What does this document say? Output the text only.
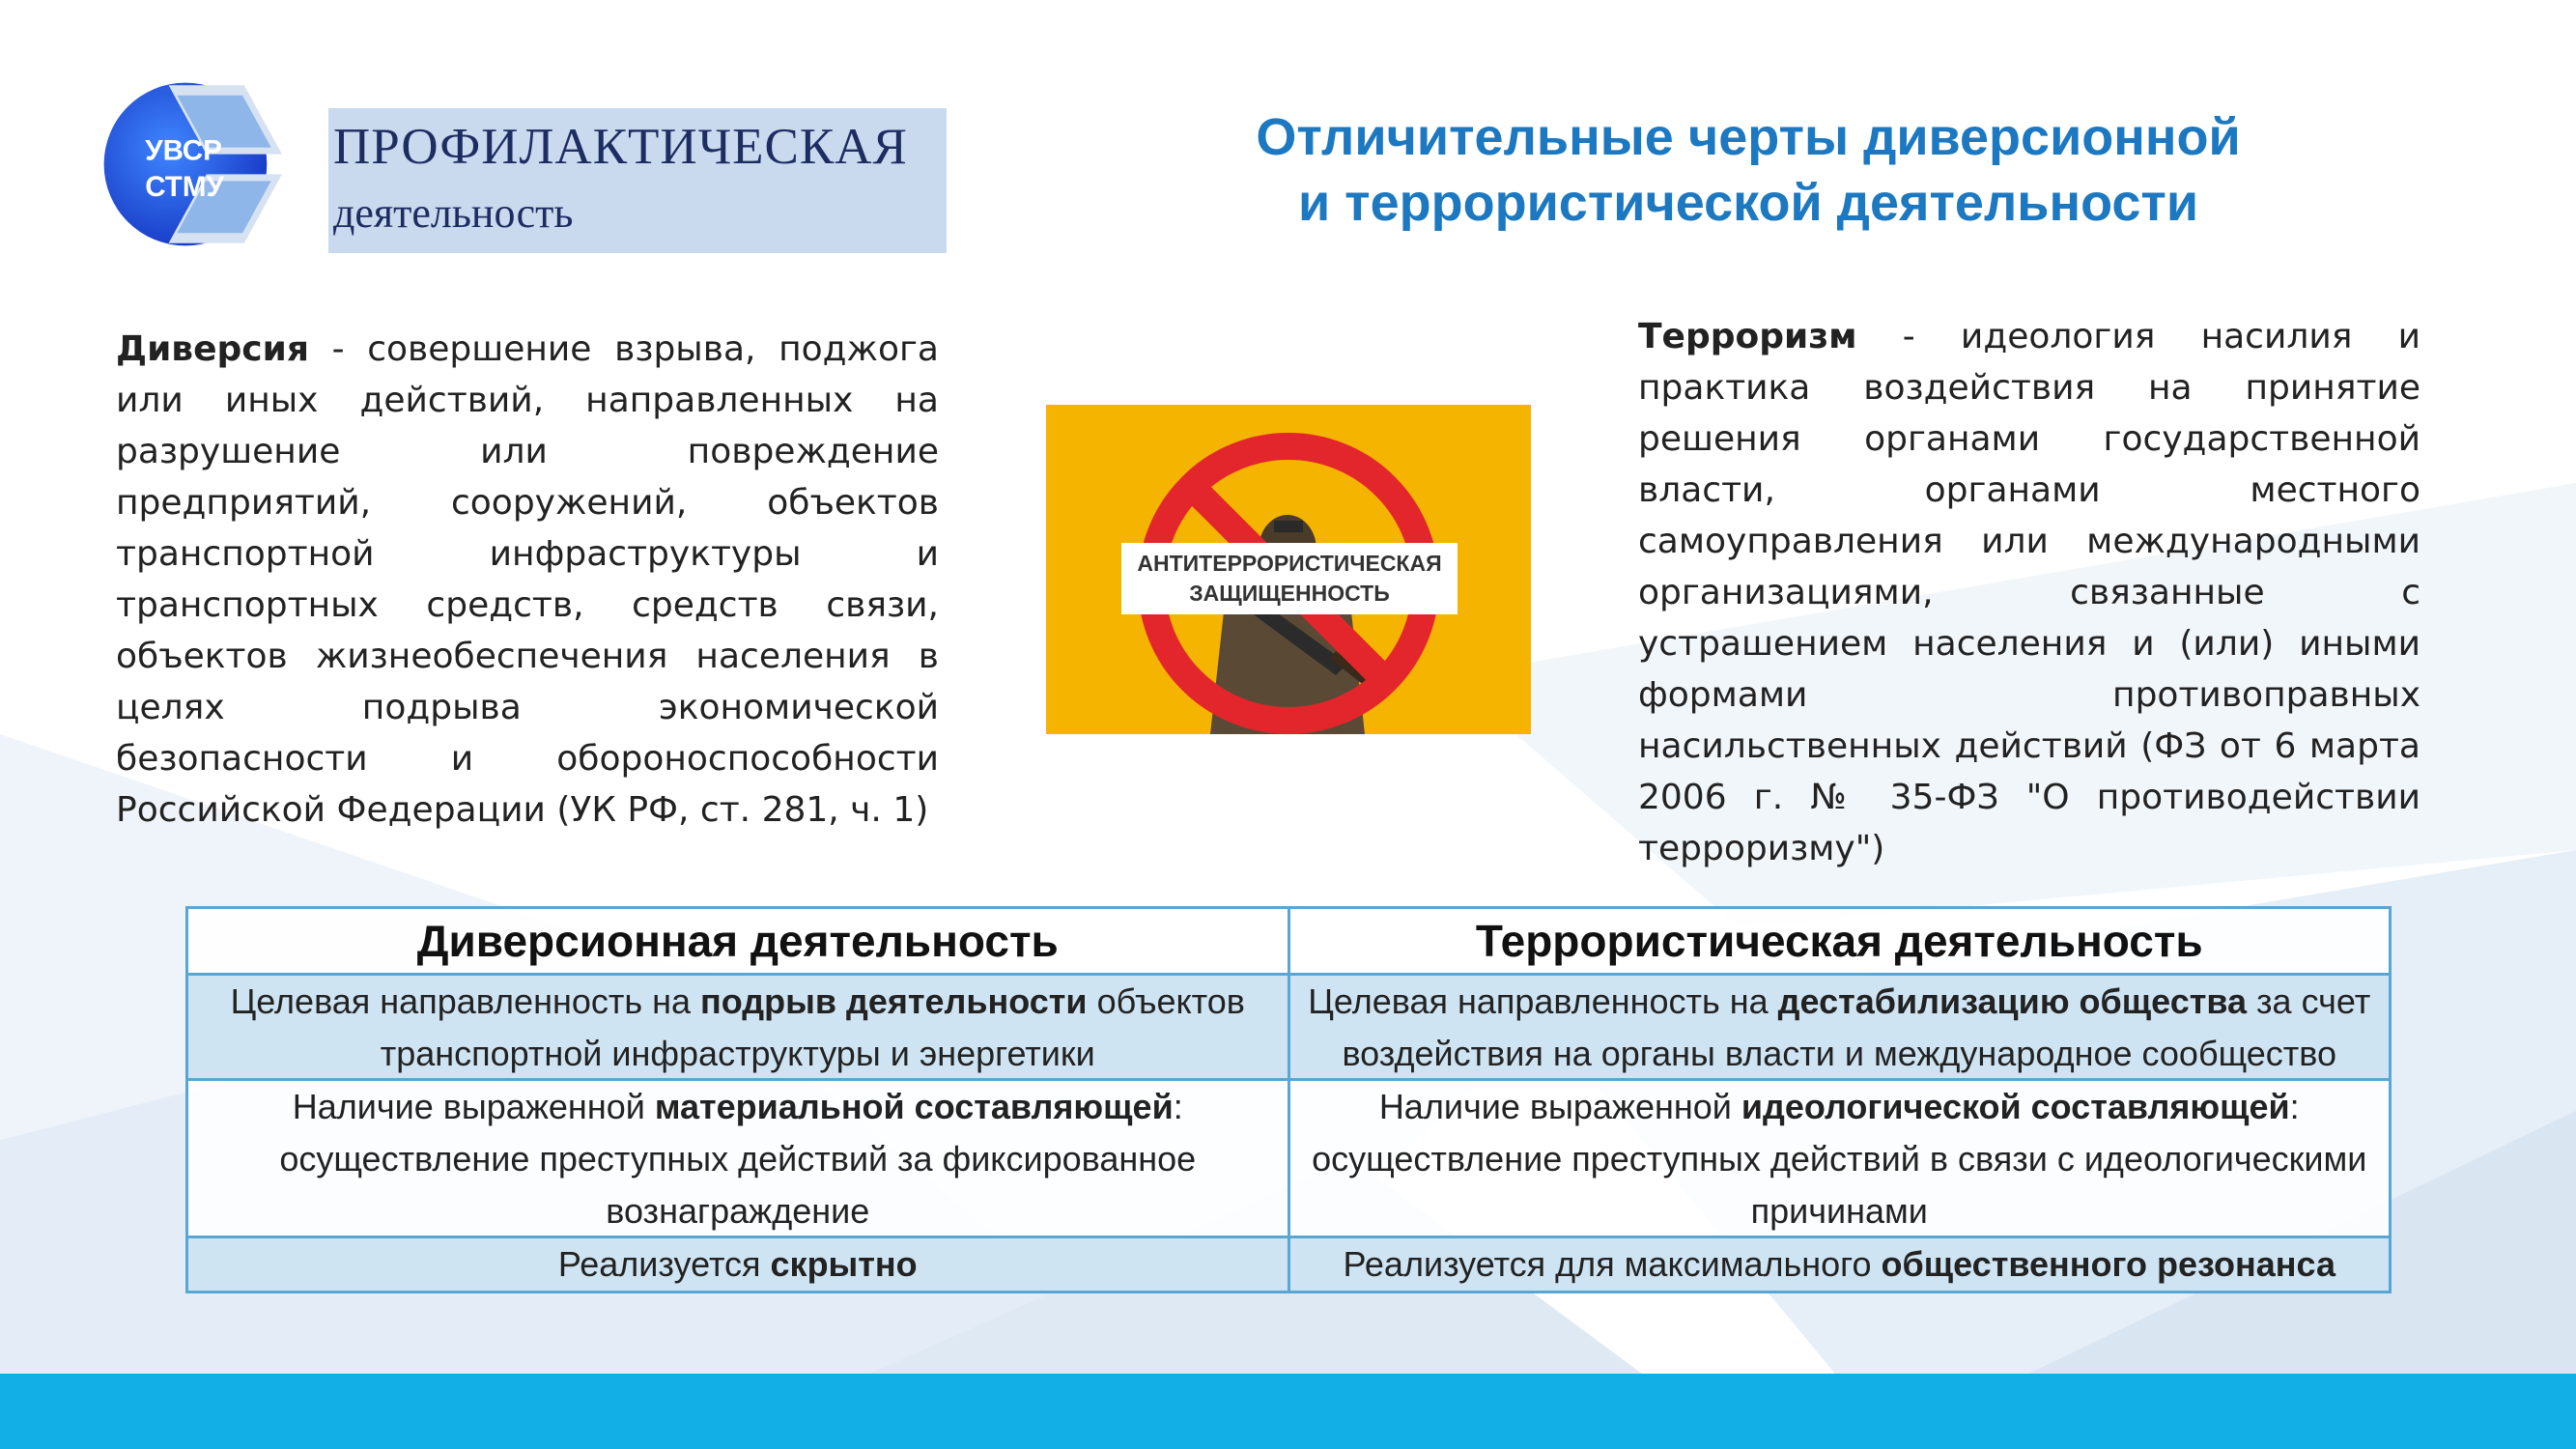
УВСР
СТМУ
ПРОФИЛАКТИЧЕСКАЯ
деятельность
Отличительные черты диверсионной
и террористической деятельности
Диверсия - совершение взрыва, поджога или иных действий, направленных на разрушение или повреждение предприятий, сооружений, объектов транспортной инфраструктуры и транспортных средств, средств связи, объектов жизнеобеспечения населения в целях подрыва экономической безопасности и обороноспособности Российской Федерации (УК РФ, ст. 281, ч. 1)
АНТИТЕРРОРИСТИЧЕСКАЯ
ЗАЩИЩЕННОСТЬ
Терроризм - идеология насилия и практика воздействия на принятие решения органами государственной власти, органами местного самоуправления или международными организациями, связанные с устрашением населения и (или) иными формами противоправных насильственных действий (ФЗ от 6 марта 2006 г. № 35-ФЗ "О противодействии терроризму")
Диверсионная деятельность	Террористическая деятельность
Целевая направленность на подрыв деятельности объектов транспортной инфраструктуры и энергетики
Целевая направленность на дестабилизацию общества за счет воздействия на органы власти и международное сообщество
Наличие выраженной материальной составляющей: осуществление преступных действий за фиксированное вознаграждение
Наличие выраженной идеологической составляющей: осуществление преступных действий в связи с идеологическими причинами
Реализуется скрытно	Реализуется для максимального общественного резонанса
